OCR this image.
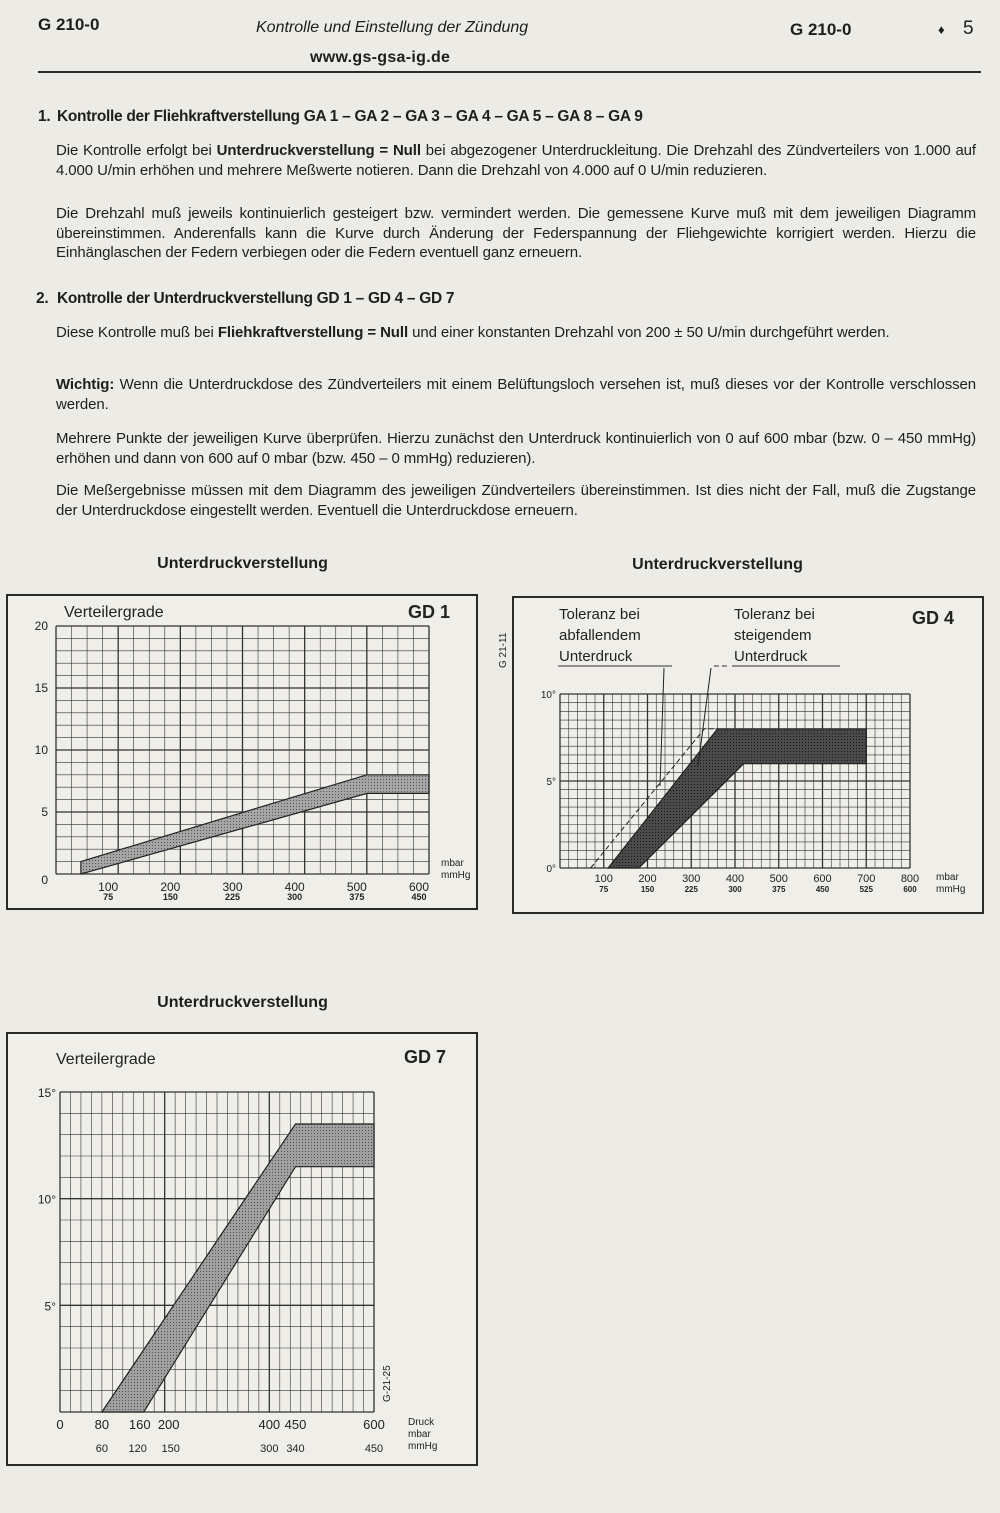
G 210-0	Kontrolle und Einstellung der Zündung	G 210-0	♦ 5
www.gs-gsa-ig.de
1. Kontrolle der Fliehkraftverstellung GA 1 – GA 2 – GA 3 – GA 4 – GA 5 – GA 8 – GA 9
Die Kontrolle erfolgt bei Unterdruckverstellung = Null bei abgezogener Unterdruckleitung. Die Drehzahl des Zündverteilers von 1.000 auf 4.000 U/min erhöhen und mehrere Meßwerte notieren. Dann die Drehzahl von 4.000 auf 0 U/min reduzieren.
Die Drehzahl muß jeweils kontinuierlich gesteigert bzw. vermindert werden. Die gemessene Kurve muß mit dem jeweiligen Diagramm übereinstimmen. Anderenfalls kann die Kurve durch Änderung der Federspannung der Fliehgewichte korrigiert werden. Hierzu die Einhänglaschen der Federn verbiegen oder die Federn eventuell ganz erneuern.
2. Kontrolle der Unterdruckverstellung GD 1 – GD 4 – GD 7
Diese Kontrolle muß bei Fliehkraftverstellung = Null und einer konstanten Drehzahl von 200 ± 50 U/min durchgeführt werden.
Wichtig: Wenn die Unterdruckdose des Zündverteilers mit einem Belüftungsloch versehen ist, muß dieses vor der Kontrolle verschlossen werden.
Mehrere Punkte der jeweiligen Kurve überprüfen. Hierzu zunächst den Unterdruck kontinuierlich von 0 auf 600 mbar (bzw. 0 – 450 mmHg) erhöhen und dann von 600 auf 0 mbar (bzw. 450 – 0 mmHg) reduzieren).
Die Meßergebnisse müssen mit dem Diagramm des jeweiligen Zündverteilers übereinstimmen. Ist dies nicht der Fall, muß die Zugstange der Unterdruckdose eingestellt werden. Eventuell die Unterdruckdose erneuern.
Unterdruckverstellung	Unterdruckverstellung
Unterdruckverstellung
0
5
10
15
20
100	200	300	400	500	600
75	150	225	300	375	450
Verteilergrade	GD 1
mbar
mmHg
0°
5°
10°
100 200 300 400 500 600 700 800
75	150	225	300	375	450	525	600
GD 4
G 21-11
Toleranz bei
abfallendem
Unterdruck
Toleranz bei
steigendem
Unterdruck
mbar
mmHg
5°
10°
15°
0 80 160 200	400 450	600
60 120 150	300 340	450
Verteilergrade	GD 7
G-21-25
Druck
mbar
mmHg
